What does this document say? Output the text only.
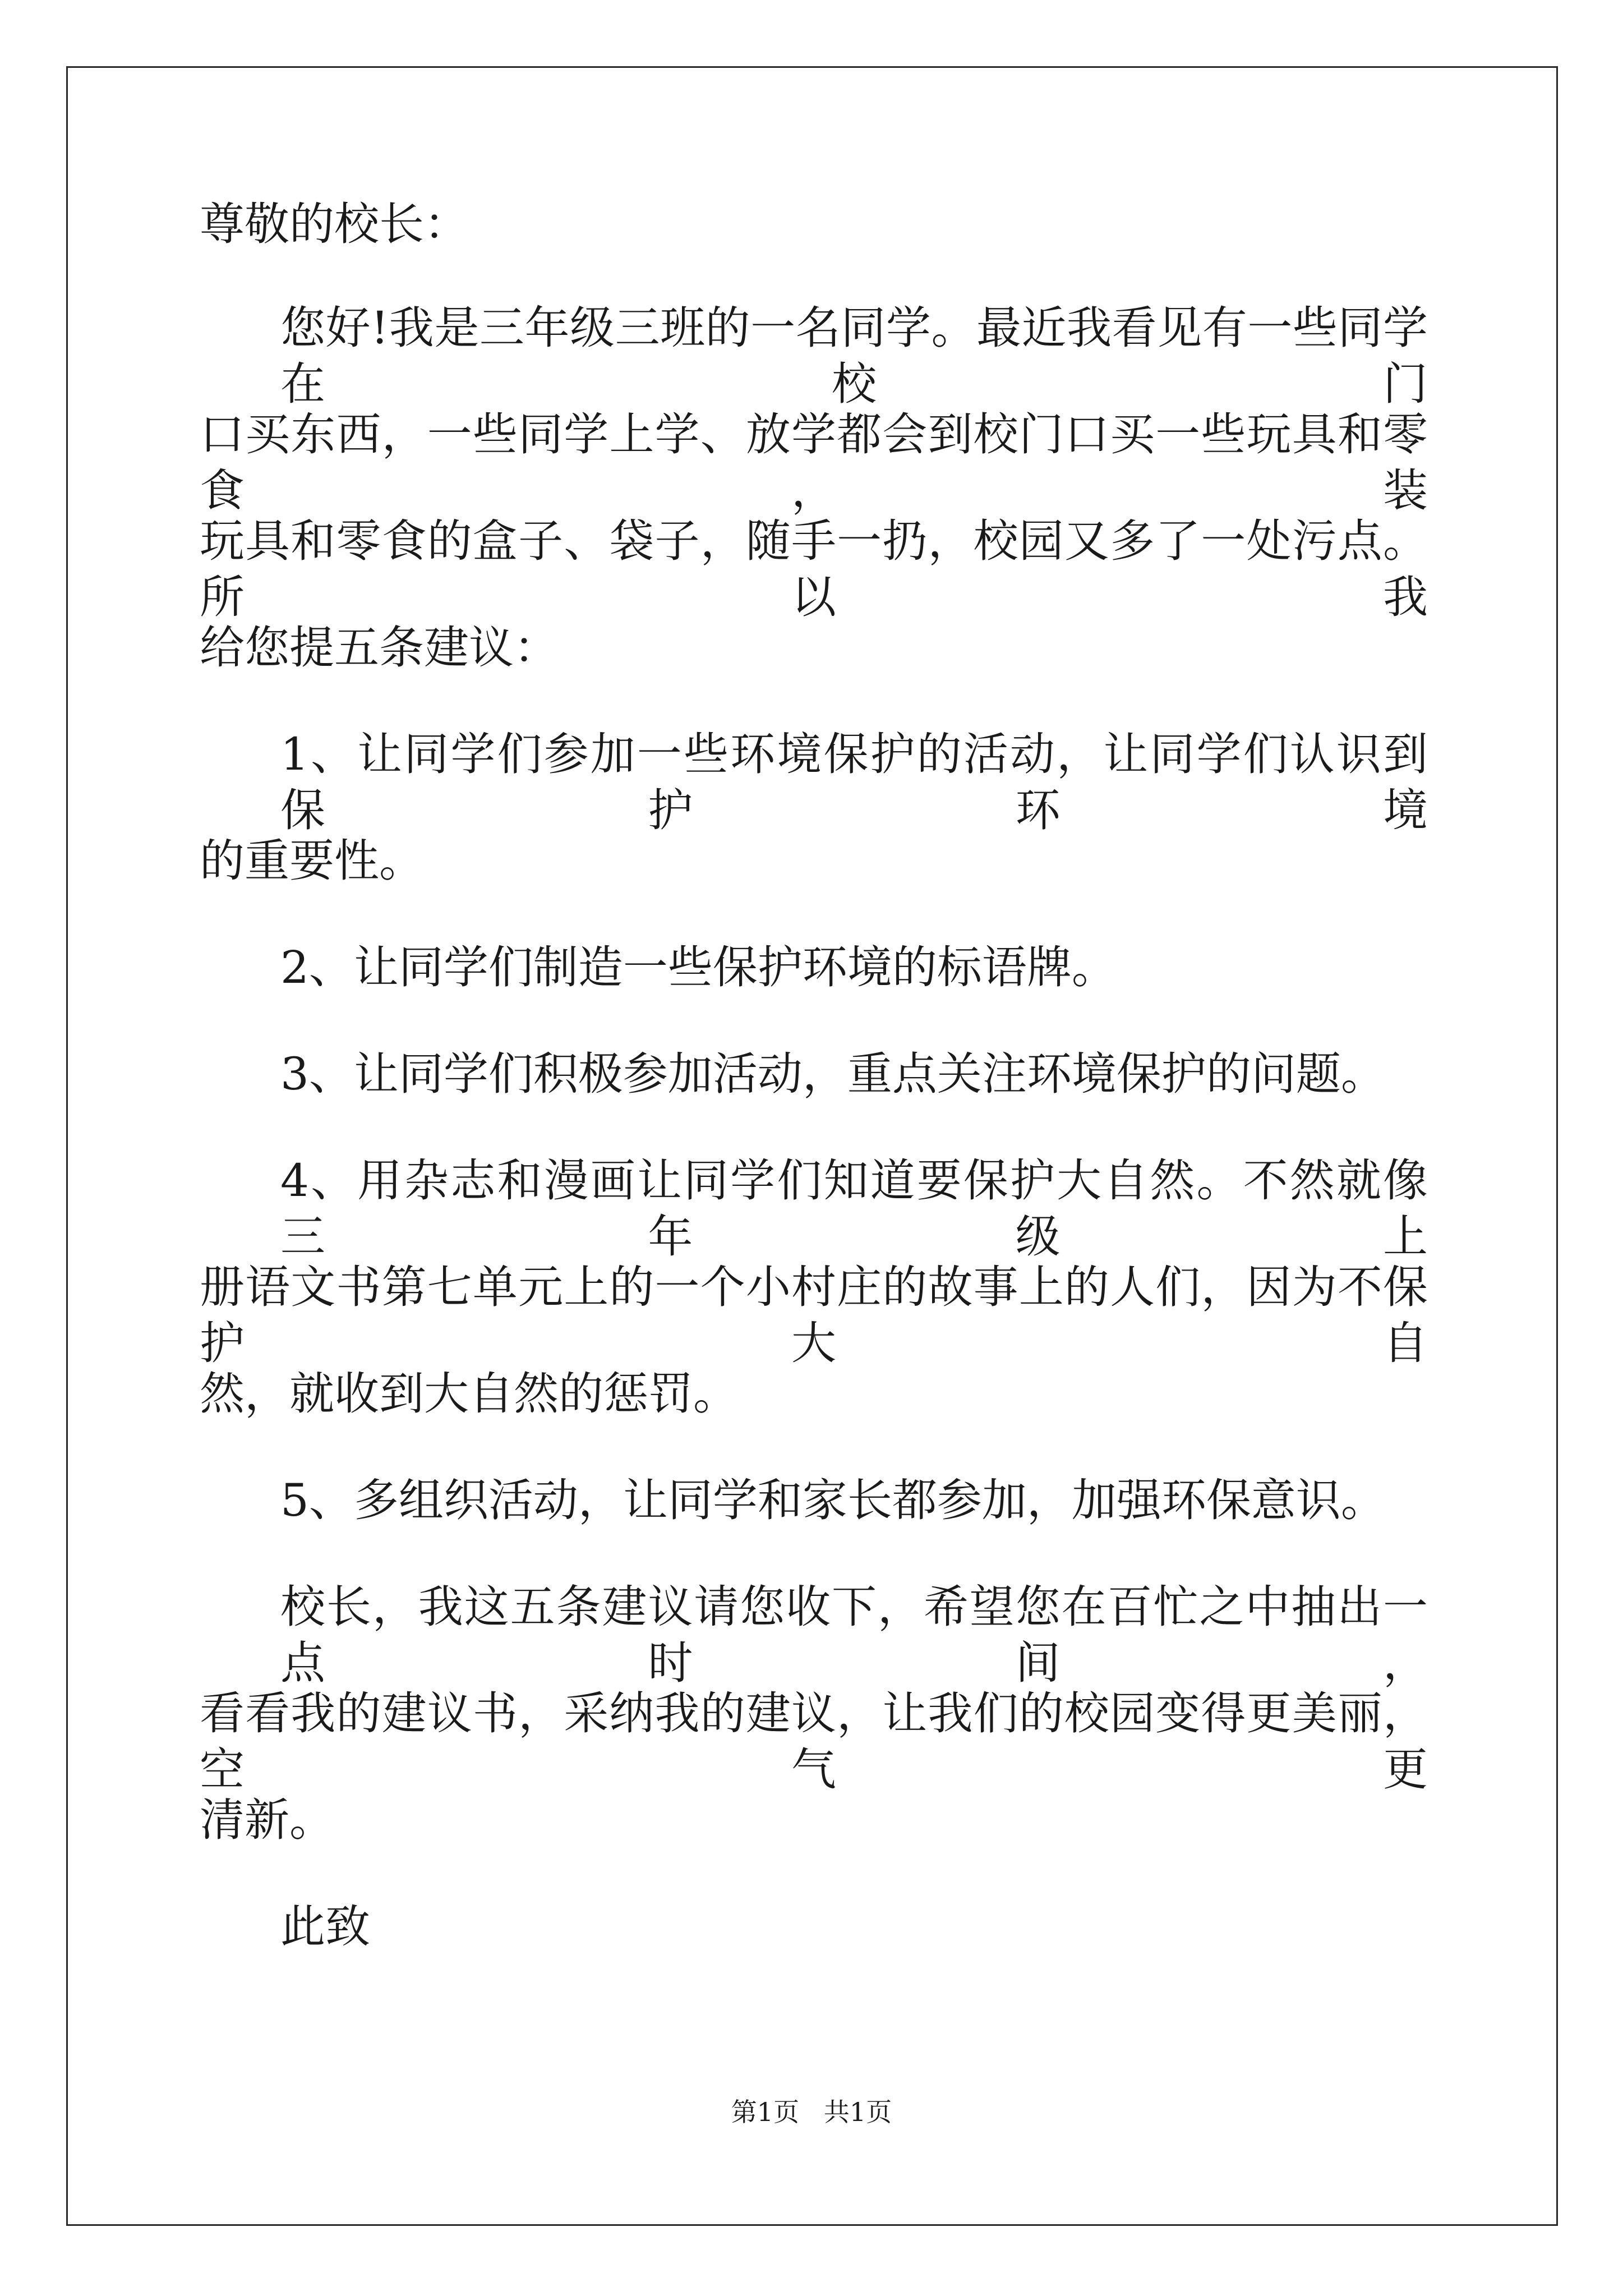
尊敬的校长：
您好!我是三年级三班的一名同学。最近我看见有一些同学在校门
口买东西，一些同学上学、放学都会到校门口买一些玩具和零食，装
玩具和零食的盒子、袋子，随手一扔，校园又多了一处污点。所以我
给您提五条建议：
1、让同学们参加一些环境保护的活动，让同学们认识到保护环境
的重要性。
2、让同学们制造一些保护环境的标语牌。
3、让同学们积极参加活动，重点关注环境保护的问题。
4、用杂志和漫画让同学们知道要保护大自然。不然就像三年级上
册语文书第七单元上的一个小村庄的故事上的人们，因为不保护大自
然，就收到大自然的惩罚。
5、多组织活动，让同学和家长都参加，加强环保意识。
校长，我这五条建议请您收下，希望您在百忙之中抽出一点时间，
看看我的建议书，采纳我的建议，让我们的校园变得更美丽，空气更
清新。
此致
第1页   共1页
